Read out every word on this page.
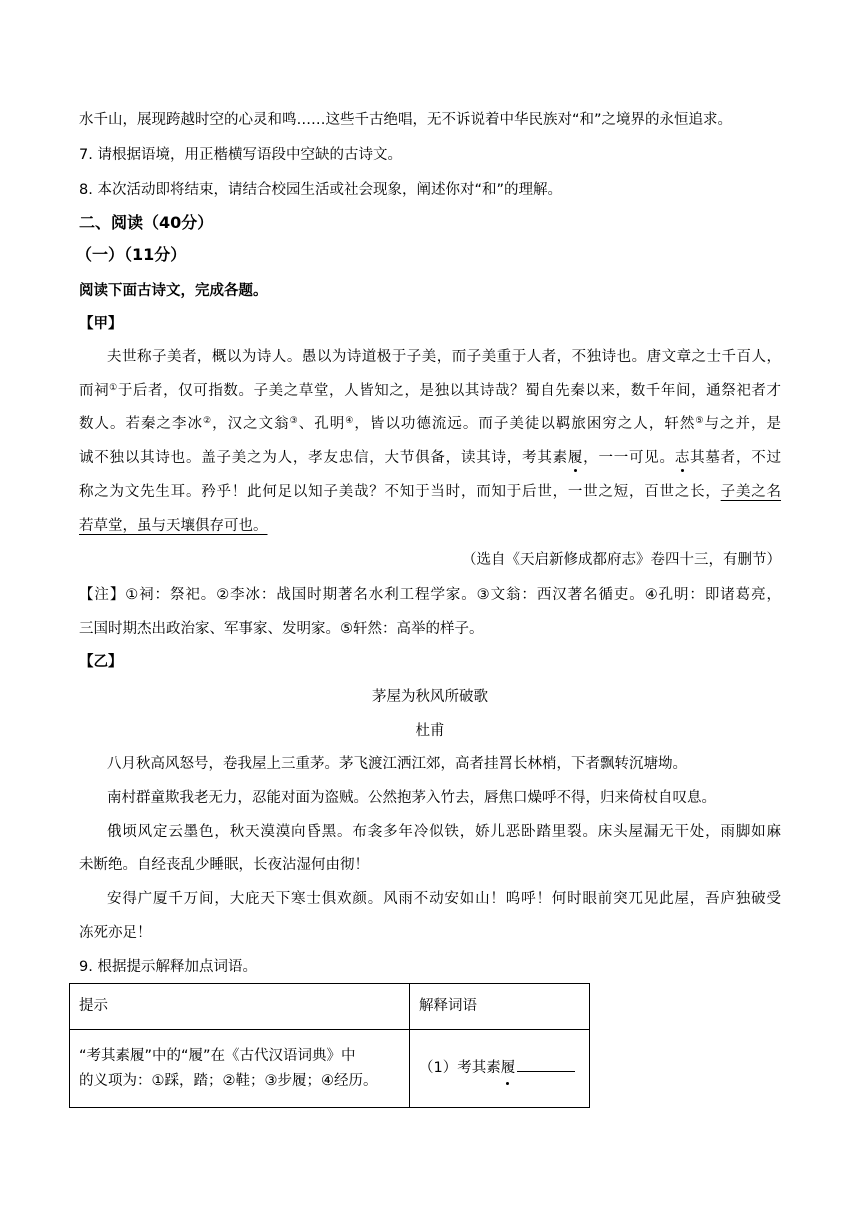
水千山，展现跨越时空的心灵和鸣……这些千古绝唱，无不诉说着中华民族对“和”之境界的永恒追求。
7. 请根据语境，用正楷横写语段中空缺的古诗文。
8. 本次活动即将结束，请结合校园生活或社会现象，阐述你对“和”的理解。
二、阅读（40分）
（一）（11分）
阅读下面古诗文，完成各题。
【甲】
夫世称子美者，概以为诗人。愚以为诗道极于子美，而子美重于人者，不独诗也。唐文章之士千百人，
而祠①于后者，仅可指数。子美之草堂，人皆知之，是独以其诗哉？蜀自先秦以来，数千年间，通祭祀者才
数人。若秦之李冰②，汉之文翁③、孔明④，皆以功德流远。而子美徒以羁旅困穷之人，轩然⑤与之并，是
诚不独以其诗也。盖子美之为人，孝友忠信，大节俱备，读其诗，考其素履，一一可见。志其墓者，不过
称之为文先生耳。矜乎！此何足以知子美哉？不知于当时，而知于后世，一世之短，百世之长，子美之名
若草堂，虽与天壤俱存可也。
（选自《天启新修成都府志》卷四十三，有删节）
【注】①祠：祭祀。②李冰：战国时期著名水利工程学家。③文翁：西汉著名循吏。④孔明：即诸葛亮，
三国时期杰出政治家、军事家、发明家。⑤轩然：高举的样子。
【乙】
茅屋为秋风所破歌
杜甫
八月秋高风怒号，卷我屋上三重茅。茅飞渡江洒江郊，高者挂罥长林梢，下者飘转沉塘坳。
南村群童欺我老无力，忍能对面为盗贼。公然抱茅入竹去，唇焦口燥呼不得，归来倚杖自叹息。
俄顷风定云墨色，秋天漠漠向昏黑。布衾多年冷似铁，娇儿恶卧踏里裂。床头屋漏无干处，雨脚如麻
未断绝。自经丧乱少睡眠，长夜沾湿何由彻！
安得广厦千万间，大庇天下寒士俱欢颜。风雨不动安如山！呜呼！何时眼前突兀见此屋，吾庐独破受
冻死亦足！
9. 根据提示解释加点词语。
提示	解释词语

“考其素履”中的“履”在《古代汉语词典》中
的义项为：①踩，踏；②鞋；③步履；④经历。	（1）考其素履
